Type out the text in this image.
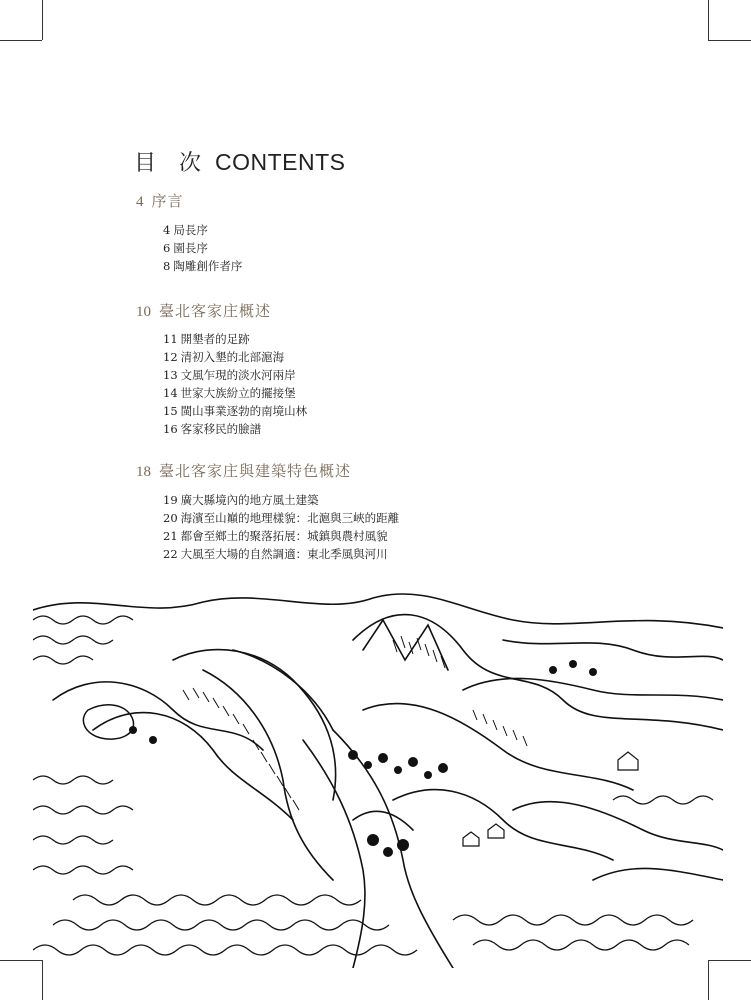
目 次 CONTENTS
4 序言
4 局長序
6 園長序
8 陶雕創作者序
10 臺北客家庄概述
11 開墾者的足跡
12 清初入墾的北部滬海
13 文風乍現的淡水河兩岸
14 世家大族紛立的擺接堡
15 閩山事業逐勃的南境山林
16 客家移民的臉譜
18 臺北客家庄與建築特色概述
19 廣大縣境內的地方風土建築
20 海濱至山巔的地理樣貌：北滬與三峽的距離
21 都會至鄉土的聚落拓展：城鎮與農村風貌
22 大風至大場的自然調適：東北季風與河川
